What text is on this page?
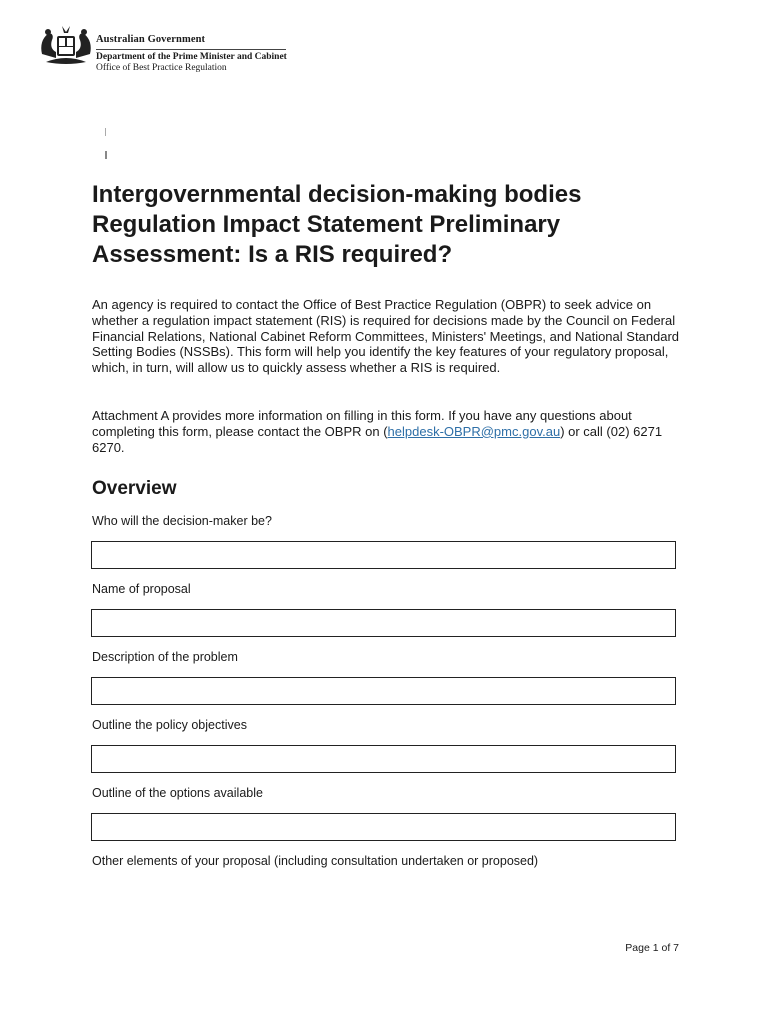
Australian Government
Department of the Prime Minister and Cabinet
Office of Best Practice Regulation
Intergovernmental decision-making bodies Regulation Impact Statement Preliminary Assessment: Is a RIS required?

An agency is required to contact the Office of Best Practice Regulation (OBPR) to seek advice on whether a regulation impact statement (RIS) is required for decisions made by the Council on Federal Financial Relations, National Cabinet Reform Committees, Ministers' Meetings, and National Standard Setting Bodies (NSSBs). This form will help you identify the key features of your regulatory proposal, which, in turn, will allow us to quickly assess whether a RIS is required.

Attachment A provides more information on filling in this form. If you have any questions about completing this form, please contact the OBPR on (helpdesk-OBPR@pmc.gov.au) or call (02) 6271 6270.

Overview
Who will the decision-maker be?
Name of proposal
Description of the problem
Outline the policy objectives
Outline of the options available
Other elements of your proposal (including consultation undertaken or proposed)
Page 1 of 7
